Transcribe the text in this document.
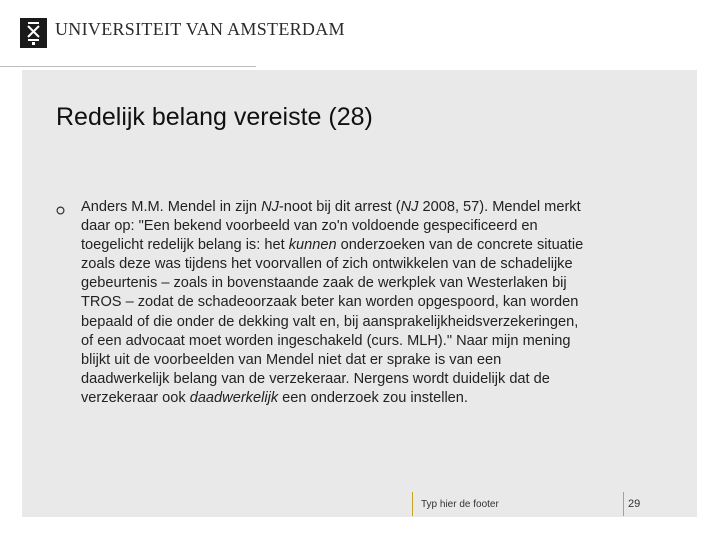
UNIVERSITEIT VAN AMSTERDAM
Redelijk belang vereiste (28)
Anders M.M. Mendel in zijn NJ-noot bij dit arrest (NJ 2008, 57). Mendel merkt
daar op: "Een bekend voorbeeld van zo'n voldoende gespecificeerd en
toegelicht redelijk belang is: het kunnen onderzoeken van de concrete situatie
zoals deze was tijdens het voorvallen of zich ontwikkelen van de schadelijke
gebeurtenis – zoals in bovenstaande zaak de werkplek van Westerlaken bij
TROS – zodat de schadeoorzaak beter kan worden opgespoord, kan worden
bepaald of die onder de dekking valt en, bij aansprakelijkheidsverzekeringen,
of een advocaat moet worden ingeschakeld (curs. MLH)." Naar mijn mening
blijkt uit de voorbeelden van Mendel niet dat er sprake is van een
daadwerkelijk belang van de verzekeraar. Nergens wordt duidelijk dat de
verzekeraar ook daadwerkelijk een onderzoek zou instellen.
Typ hier de footer	29
